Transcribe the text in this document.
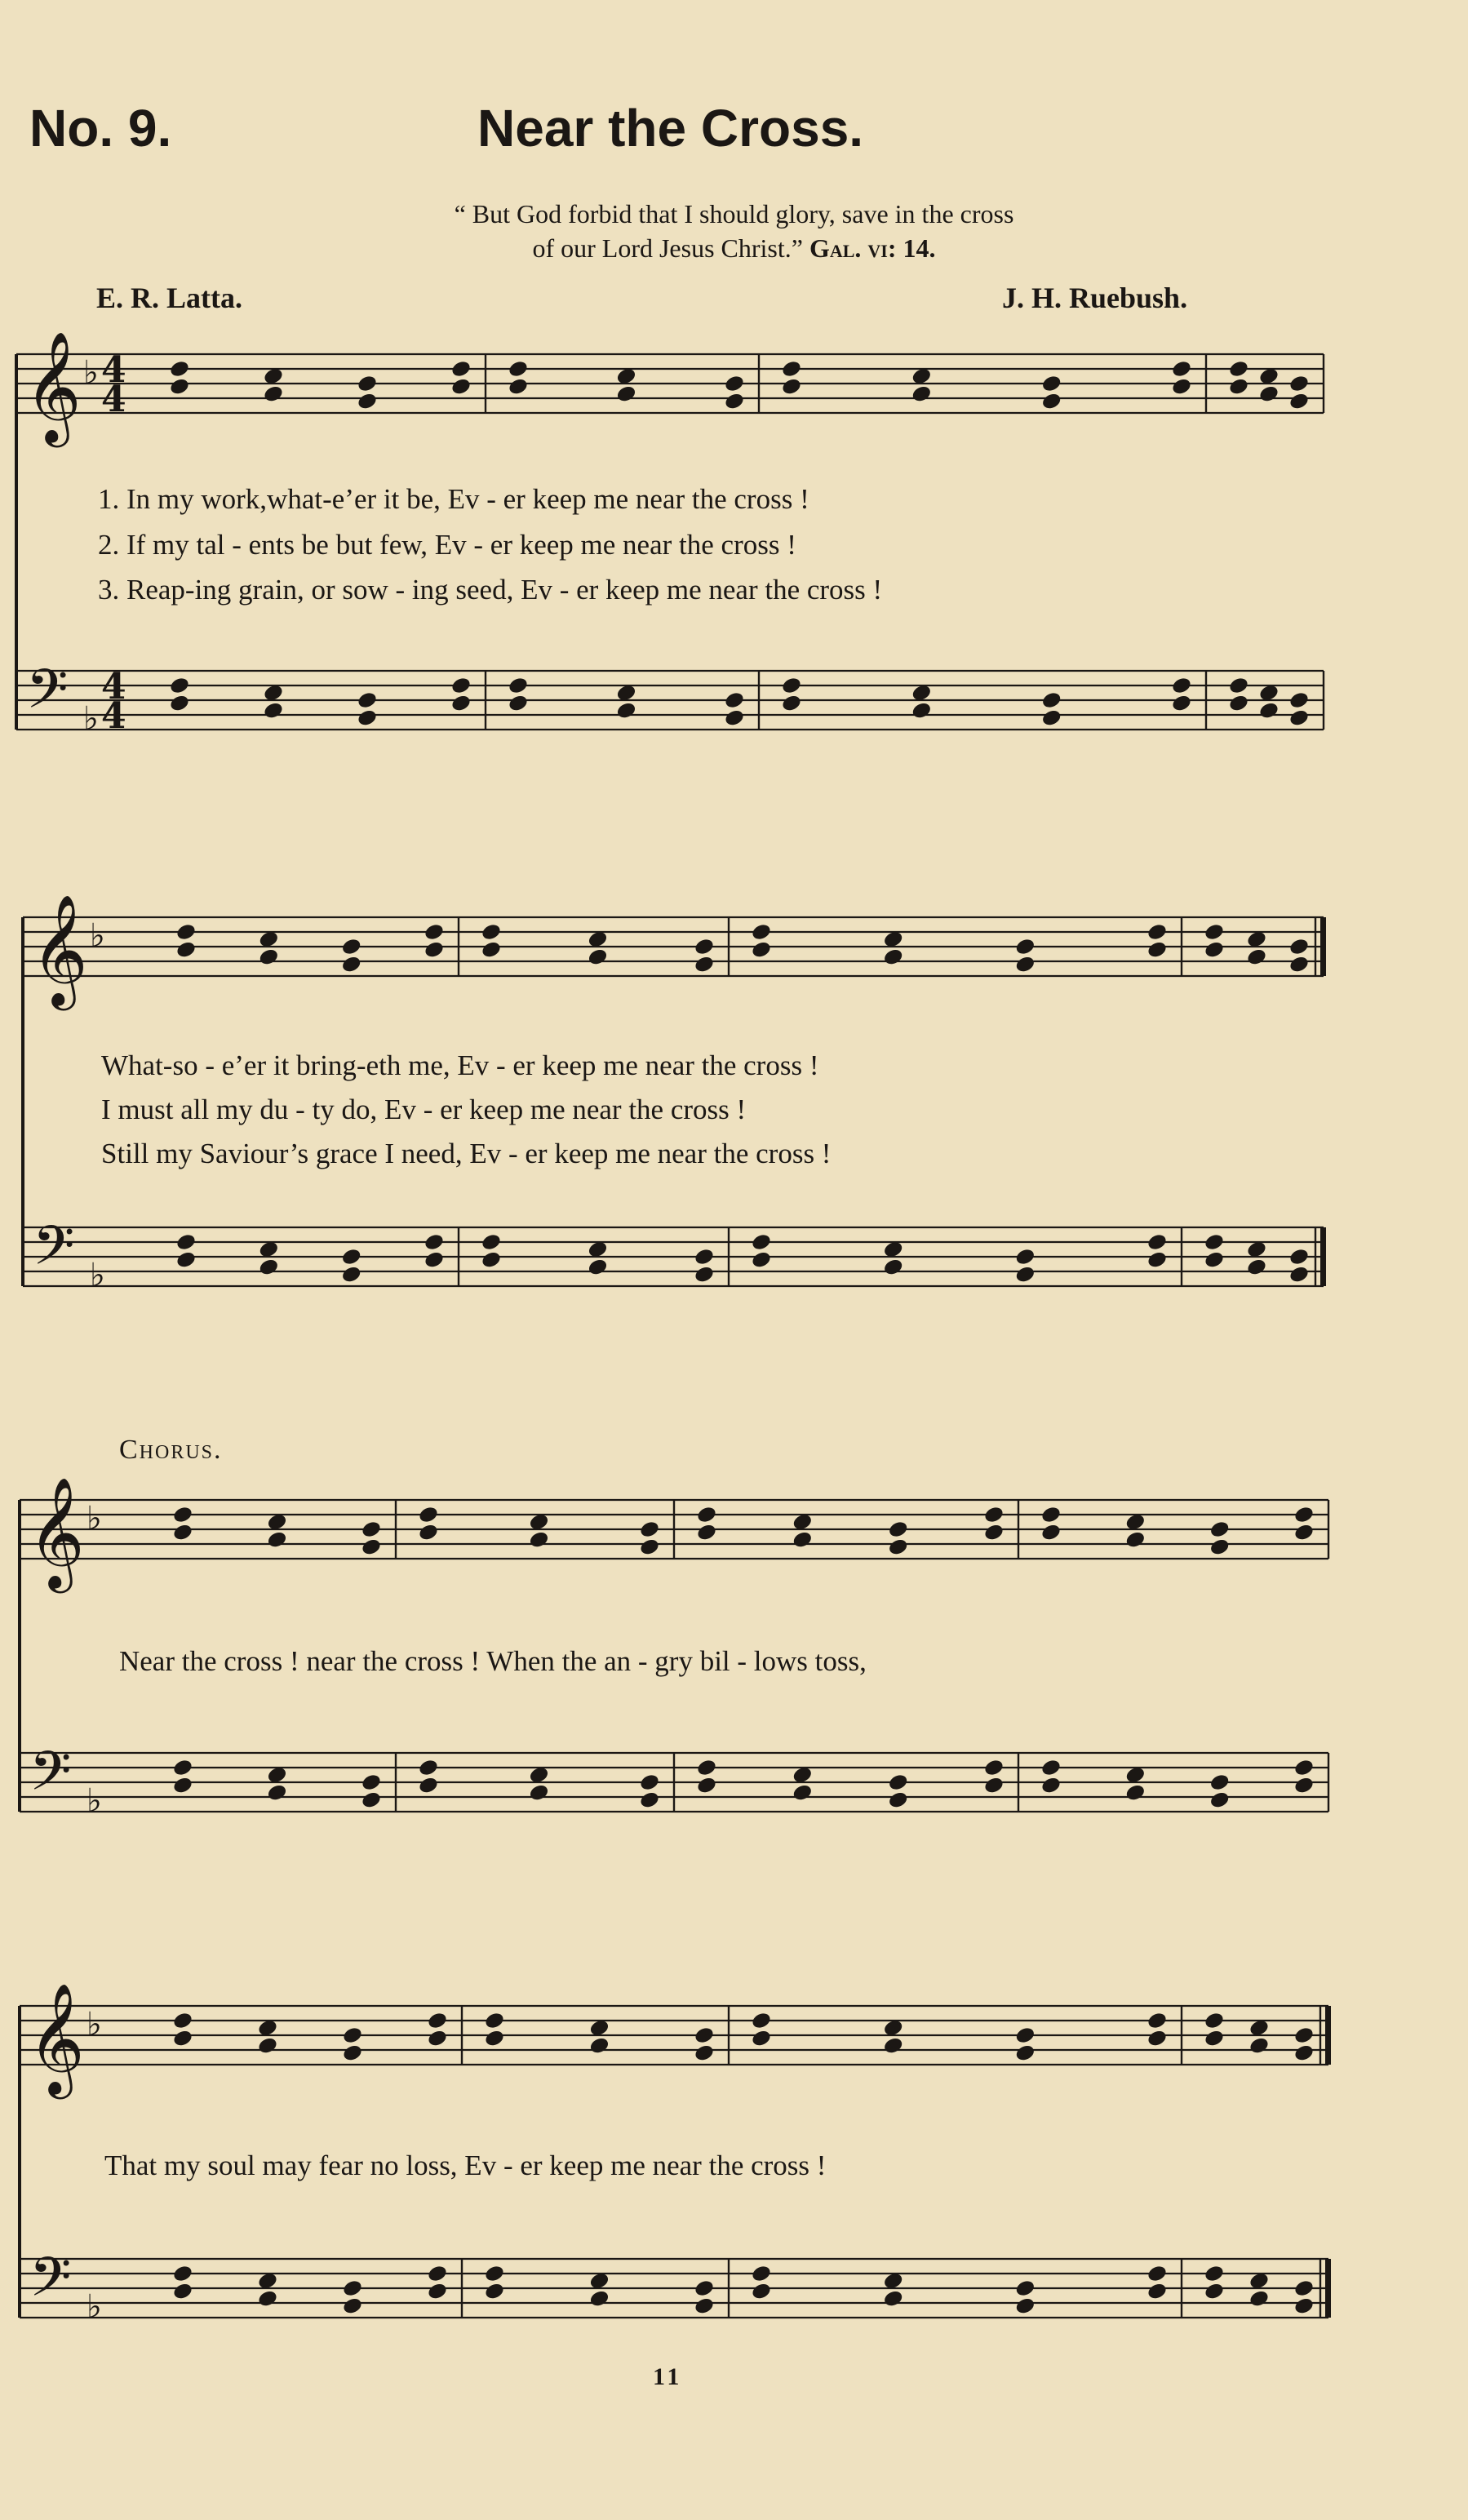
No. 9.	Near the Cross.
“ But God forbid that I should glory, save in the cross
of our Lord Jesus Christ.” Gal. vi: 14.
E. R. Latta.	J. H. Ruebush.
𝄞
𝄢
♭
♭
4
4
4
4
𝄞
𝄢
♭
♭
𝄞
𝄢
♭
♭
𝄞
𝄢
♭
♭
1. In my work,what-e’er it be, Ev - er keep me near the cross !
2. If my tal - ents be but few, Ev - er keep me near the cross !
3. Reap-ing grain, or sow - ing seed, Ev - er keep me near the cross !
What-so - e’er it bring-eth me, Ev - er keep me near the cross !
I must all my du - ty do, Ev - er keep me near the cross !
Still my Saviour’s grace I need, Ev - er keep me near the cross !
Chorus.
Near the cross ! near the cross ! When the an - gry bil - lows toss,
That my soul may fear no loss, Ev - er keep me near the cross !
11
